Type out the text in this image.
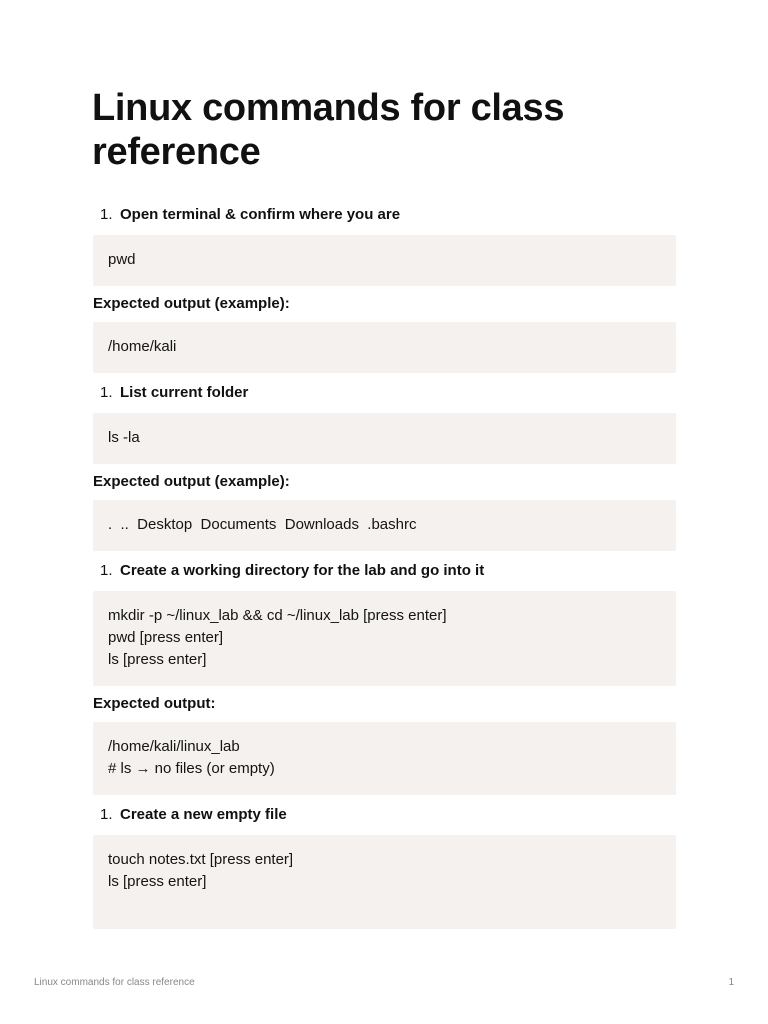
Linux commands for class reference
1. Open terminal & confirm where you are
pwd
Expected output (example):
/home/kali
1. List current folder
ls -la
Expected output (example):
.  ..  Desktop  Documents  Downloads  .bashrc
1. Create a working directory for the lab and go into it
mkdir -p ~/linux_lab && cd ~/linux_lab [press enter]
pwd [press enter]
ls [press enter]
Expected output:
/home/kali/linux_lab
# ls → no files (or empty)
1. Create a new empty file
touch notes.txt [press enter]
ls [press enter]
Linux commands for class reference	1
